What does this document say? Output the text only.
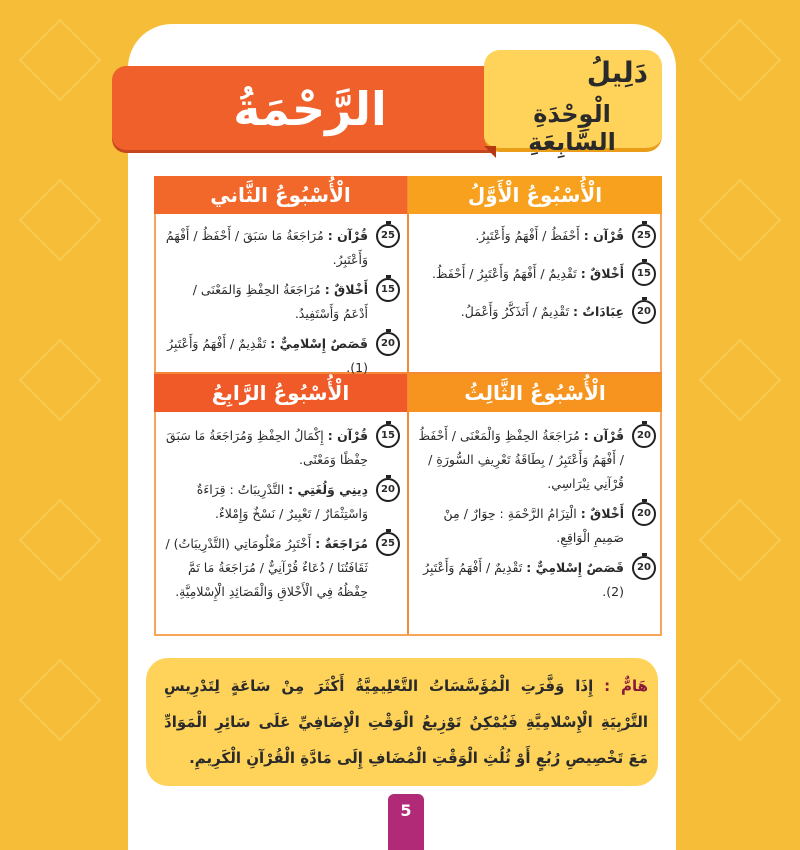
الرَّحْمَةُ
دَلِيلُ
الْوِحْدَةِ السَّابِعَةِ
الْأُسْبُوعُ الْأَوَّلُ
الْأُسْبُوعُ الثَّاني
الْأُسْبُوعُ الثَّالِثُ
الْأُسْبُوعُ الرَّابِعُ
25
قُرْآن : أَحْفَظُ / أَفْهَمُ وَأَعْتَبِرُ.
15
أَخْلاقٌ : تَقْدِيمٌ / أَفْهَمُ وَأَعْتَبِرُ / أَحْفَظُ.
20
عِبَادَاتٌ : تَقْدِيمٌ / أَتَذَكَّرُ وَأَعْمَلُ.
25
قُرْآن : مُرَاجَعَةُ مَا سَبَقَ / أَحْفَظُ / أَفْهَمُ وَأَعْتَبِرُ.
15
أَخْلاقٌ : مُرَاجَعَةُ الحِفْظِ وَالمَعْنَى / أَدْعَمُ وَأَسْتَفِيدُ.
20
قَصَصٌ إِسْلامِيٌّ : تَقْدِيمٌ / أَفْهَمُ وَأَعْتَبِرُ (1).
20
قُرْآن : مُرَاجَعَةُ الحِفْظِ وَالْمَعْنَى / أَحْفَظُ / أَفْهَمُ وَأَعْتَبِرُ / بِطَاقَةُ تَعْرِيفِ السُّورَةِ / قُرْآنِي نِبْرَاسِي.
20
أَخْلاقٌ : الْتِزَامُ الرَّحْمَةِ : حِوَارٌ / مِنْ صَمِيمِ الْوَاقِعِ.
20
قَصَصٌ إِسْلامِيٌّ : تَقْدِيمٌ / أَفْهَمُ وَأَعْتَبِرُ (2).
15
قُرْآن : إِكْمَالُ الحِفْظِ وَمُرَاجَعَةُ مَا سَبَقَ حِفْظًا وَمَعْنًى.
20
دِينِي وَلُغَتِي : التَّدْرِيبَاتُ : قِرَاءَةٌ وَاسْتِثْمَارٌ / تَعْبِيرٌ / نَسْخٌ وَإِمْلاءٌ.
25
مُرَاجَعَةٌ : أَخْتَبِرُ مَعْلُومَاتِي (التَّدْرِيبَاتُ) / ثَقَافَتُنَا / دُعَاءٌ قُرْآنِيٌّ / مُرَاجَعَةُ مَا تَمَّ حِفْظُهُ فِي الْأَخْلاقِ وَالْقَصَائِدِ الْإِسْلامِيَّةِ.
هَامٌّ : إِذَا وَفَّرَتِ الْمُؤَسَّسَاتُ التَّعْلِيمِيَّةُ أَكْثَرَ مِنْ سَاعَةٍ لِتَدْرِيسِ التَّرْبِيَةِ الْإِسْلامِيَّةِ فَيُمْكِنُ تَوْزِيعُ الْوَقْتِ الْإِضَافِيِّ عَلَى سَائِرِ الْمَوَادِّ مَعَ تَخْصِيصِ رُبُعٍ أَوْ ثُلُثِ الْوَقْتِ الْمُضَافِ إِلَى مَادَّةِ الْقُرْآنِ الْكَرِيمِ.
5
